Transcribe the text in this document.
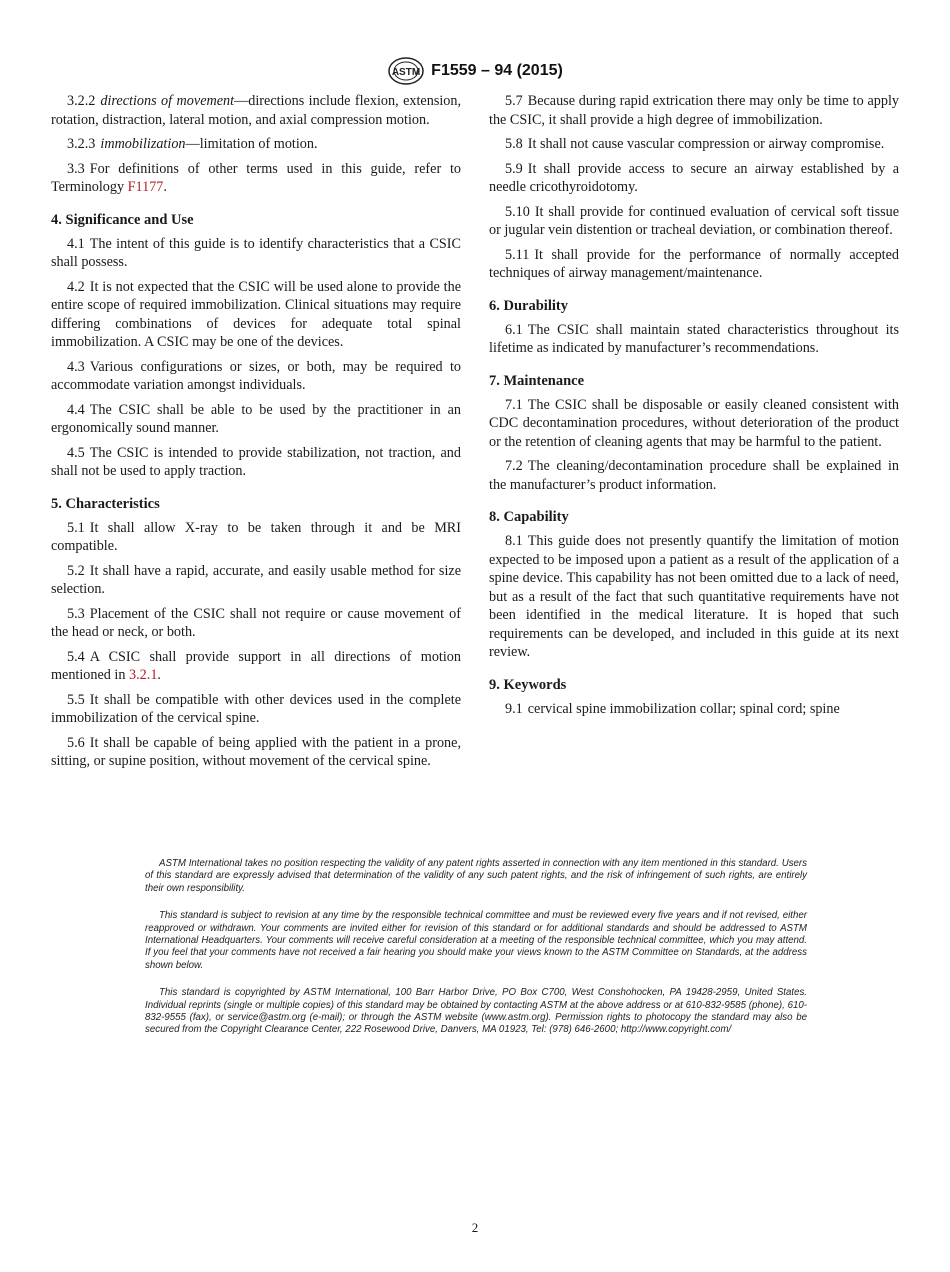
ASTM F1559 – 94 (2015)

3.2.2 directions of movement—directions include flexion, extension, rotation, distraction, lateral motion, and axial compression motion.

3.2.3 immobilization—limitation of motion.

3.3 For definitions of other terms used in this guide, refer to Terminology F1177.

4. Significance and Use

4.1 The intent of this guide is to identify characteristics that a CSIC shall possess.

4.2 It is not expected that the CSIC will be used alone to provide the entire scope of required immobilization. Clinical situations may require differing combinations of devices for adequate total spinal immobilization. A CSIC may be one of the devices.

4.3 Various configurations or sizes, or both, may be required to accommodate variation amongst individuals.

4.4 The CSIC shall be able to be used by the practitioner in an ergonomically sound manner.

4.5 The CSIC is intended to provide stabilization, not traction, and shall not be used to apply traction.

5. Characteristics

5.1 It shall allow X-ray to be taken through it and be MRI compatible.

5.2 It shall have a rapid, accurate, and easily usable method for size selection.

5.3 Placement of the CSIC shall not require or cause movement of the head or neck, or both.

5.4 A CSIC shall provide support in all directions of motion mentioned in 3.2.1.

5.5 It shall be compatible with other devices used in the complete immobilization of the cervical spine.

5.6 It shall be capable of being applied with the patient in a prone, sitting, or supine position, without movement of the cervical spine.

5.7 Because during rapid extrication there may only be time to apply the CSIC, it shall provide a high degree of immobilization.

5.8 It shall not cause vascular compression or airway compromise.

5.9 It shall provide access to secure an airway established by a needle cricothyroidotomy.

5.10 It shall provide for continued evaluation of cervical soft tissue or jugular vein distention or tracheal deviation, or combination thereof.

5.11 It shall provide for the performance of normally accepted techniques of airway management/maintenance.

6. Durability

6.1 The CSIC shall maintain stated characteristics throughout its lifetime as indicated by manufacturer’s recommendations.

7. Maintenance

7.1 The CSIC shall be disposable or easily cleaned consistent with CDC decontamination procedures, without deterioration of the product or the retention of cleaning agents that may be harmful to the patient.

7.2 The cleaning/decontamination procedure shall be explained in the manufacturer’s product information.

8. Capability

8.1 This guide does not presently quantify the limitation of motion expected to be imposed upon a patient as a result of the application of a spine device. This capability has not been omitted due to a lack of need, but as a result of the fact that such quantitative requirements have not been identified in the medical literature. It is hoped that such requirements can be developed, and included in this guide at its next review.

9. Keywords

9.1 cervical spine immobilization collar; spinal cord; spine

ASTM International takes no position respecting the validity of any patent rights asserted in connection with any item mentioned in this standard. Users of this standard are expressly advised that determination of the validity of any such patent rights, and the risk of infringement of such rights, are entirely their own responsibility.

This standard is subject to revision at any time by the responsible technical committee and must be reviewed every five years and if not revised, either reapproved or withdrawn. Your comments are invited either for revision of this standard or for additional standards and should be addressed to ASTM International Headquarters. Your comments will receive careful consideration at a meeting of the responsible technical committee, which you may attend. If you feel that your comments have not received a fair hearing you should make your views known to the ASTM Committee on Standards, at the address shown below.

This standard is copyrighted by ASTM International, 100 Barr Harbor Drive, PO Box C700, West Conshohocken, PA 19428-2959, United States. Individual reprints (single or multiple copies) of this standard may be obtained by contacting ASTM at the above address or at 610-832-9585 (phone), 610-832-9555 (fax), or service@astm.org (e-mail); or through the ASTM website (www.astm.org). Permission rights to photocopy the standard may also be secured from the Copyright Clearance Center, 222 Rosewood Drive, Danvers, MA 01923, Tel: (978) 646-2600; http://www.copyright.com/

2
